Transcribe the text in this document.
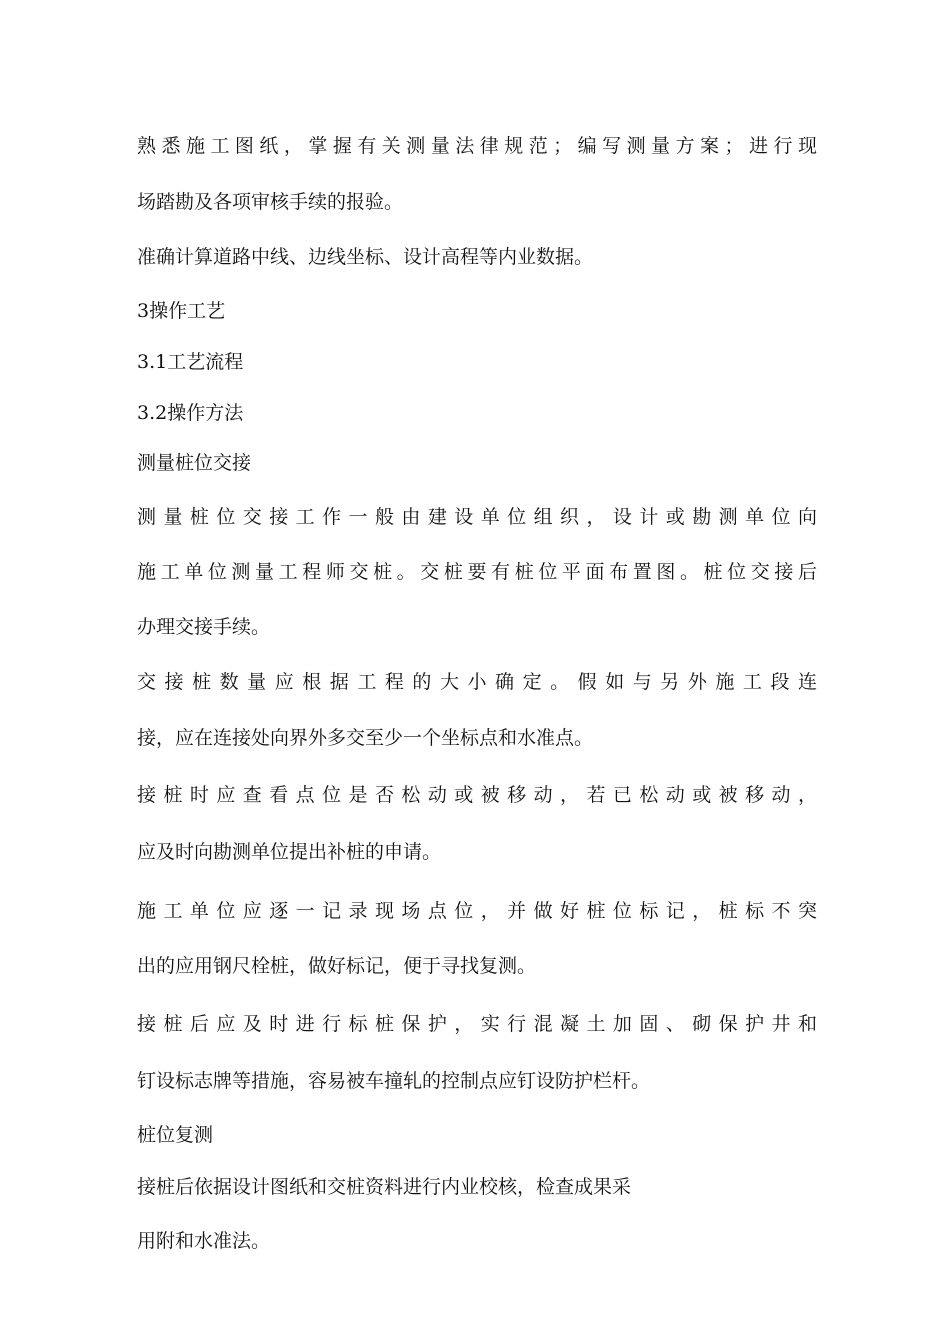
熟悉施工图纸，掌握有关测量法律规范；编写测量方案；进行现
场踏勘及各项审核手续的报验。
准确计算道路中线、边线坐标、设计高程等内业数据。
3操作工艺
3.1工艺流程
3.2操作方法
测量桩位交接
测量桩位交接工作一般由建设单位组织，设计或勘测单位向
施工单位测量工程师交桩。交桩要有桩位平面布置图。桩位交接后
办理交接手续。
交接桩数量应根据工程的大小确定。假如与另外施工段连
接，应在连接处向界外多交至少一个坐标点和水准点。
接桩时应查看点位是否松动或被移动，若已松动或被移动，
应及时向勘测单位提出补桩的申请。
施工单位应逐一记录现场点位，并做好桩位标记，桩标不突
出的应用钢尺栓桩，做好标记，便于寻找复测。
接桩后应及时进行标桩保护，实行混凝土加固、砌保护井和
钉设标志牌等措施，容易被车撞轧的控制点应钉设防护栏杆。
桩位复测
接桩后依据设计图纸和交桩资料进行内业校核，检查成果采
用附和水准法。
